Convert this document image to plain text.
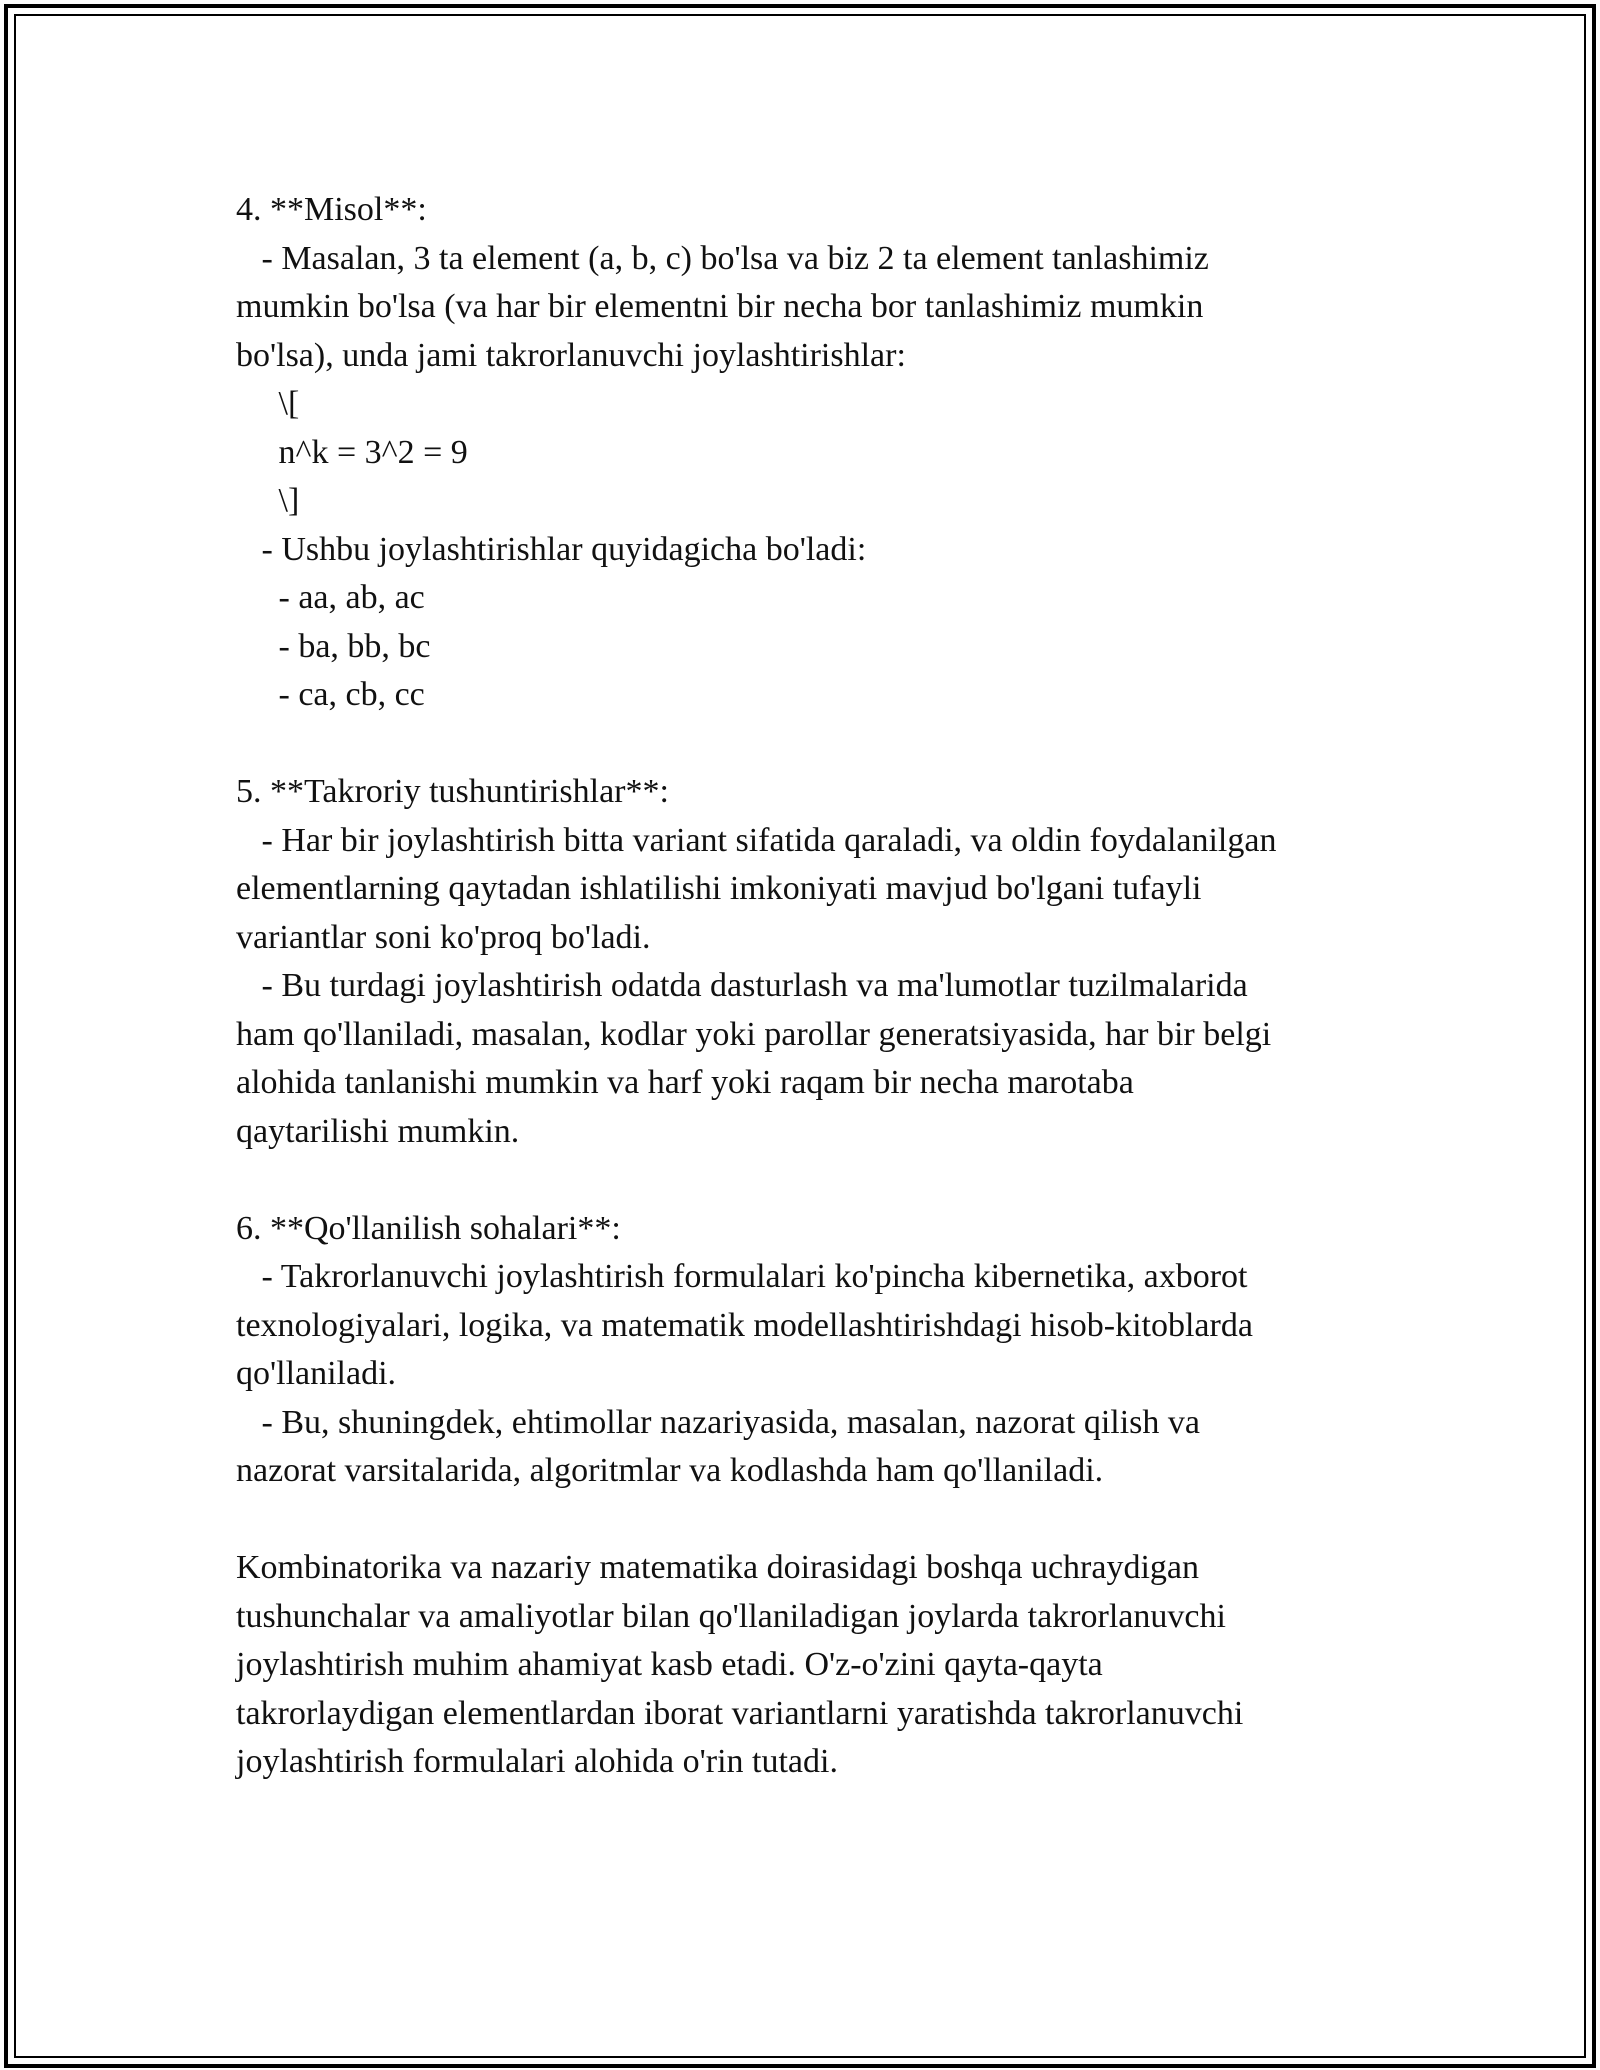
4. **Misol**:
- Masalan, 3 ta element (a, b, c) bo'lsa va biz 2 ta element tanlashimiz
mumkin bo'lsa (va har bir elementni bir necha bor tanlashimiz mumkin
bo'lsa), unda jami takrorlanuvchi joylashtirishlar:
\[
n^k = 3^2 = 9
\]
- Ushbu joylashtirishlar quyidagicha bo'ladi:
- aa, ab, ac
- ba, bb, bc
- ca, cb, cc
5. **Takroriy tushuntirishlar**:
- Har bir joylashtirish bitta variant sifatida qaraladi, va oldin foydalanilgan
elementlarning qaytadan ishlatilishi imkoniyati mavjud bo'lgani tufayli
variantlar soni ko'proq bo'ladi.
- Bu turdagi joylashtirish odatda dasturlash va ma'lumotlar tuzilmalarida
ham qo'llaniladi, masalan, kodlar yoki parollar generatsiyasida, har bir belgi
alohida tanlanishi mumkin va harf yoki raqam bir necha marotaba
qaytarilishi mumkin.
6. **Qo'llanilish sohalari**:
- Takrorlanuvchi joylashtirish formulalari ko'pincha kibernetika, axborot
texnologiyalari, logika, va matematik modellashtirishdagi hisob-kitoblarda
qo'llaniladi.
- Bu, shuningdek, ehtimollar nazariyasida, masalan, nazorat qilish va
nazorat varsitalarida, algoritmlar va kodlashda ham qo'llaniladi.
Kombinatorika va nazariy matematika doirasidagi boshqa uchraydigan
tushunchalar va amaliyotlar bilan qo'llaniladigan joylarda takrorlanuvchi
joylashtirish muhim ahamiyat kasb etadi. O'z-o'zini qayta-qayta
takrorlaydigan elementlardan iborat variantlarni yaratishda takrorlanuvchi
joylashtirish formulalari alohida o'rin tutadi.
